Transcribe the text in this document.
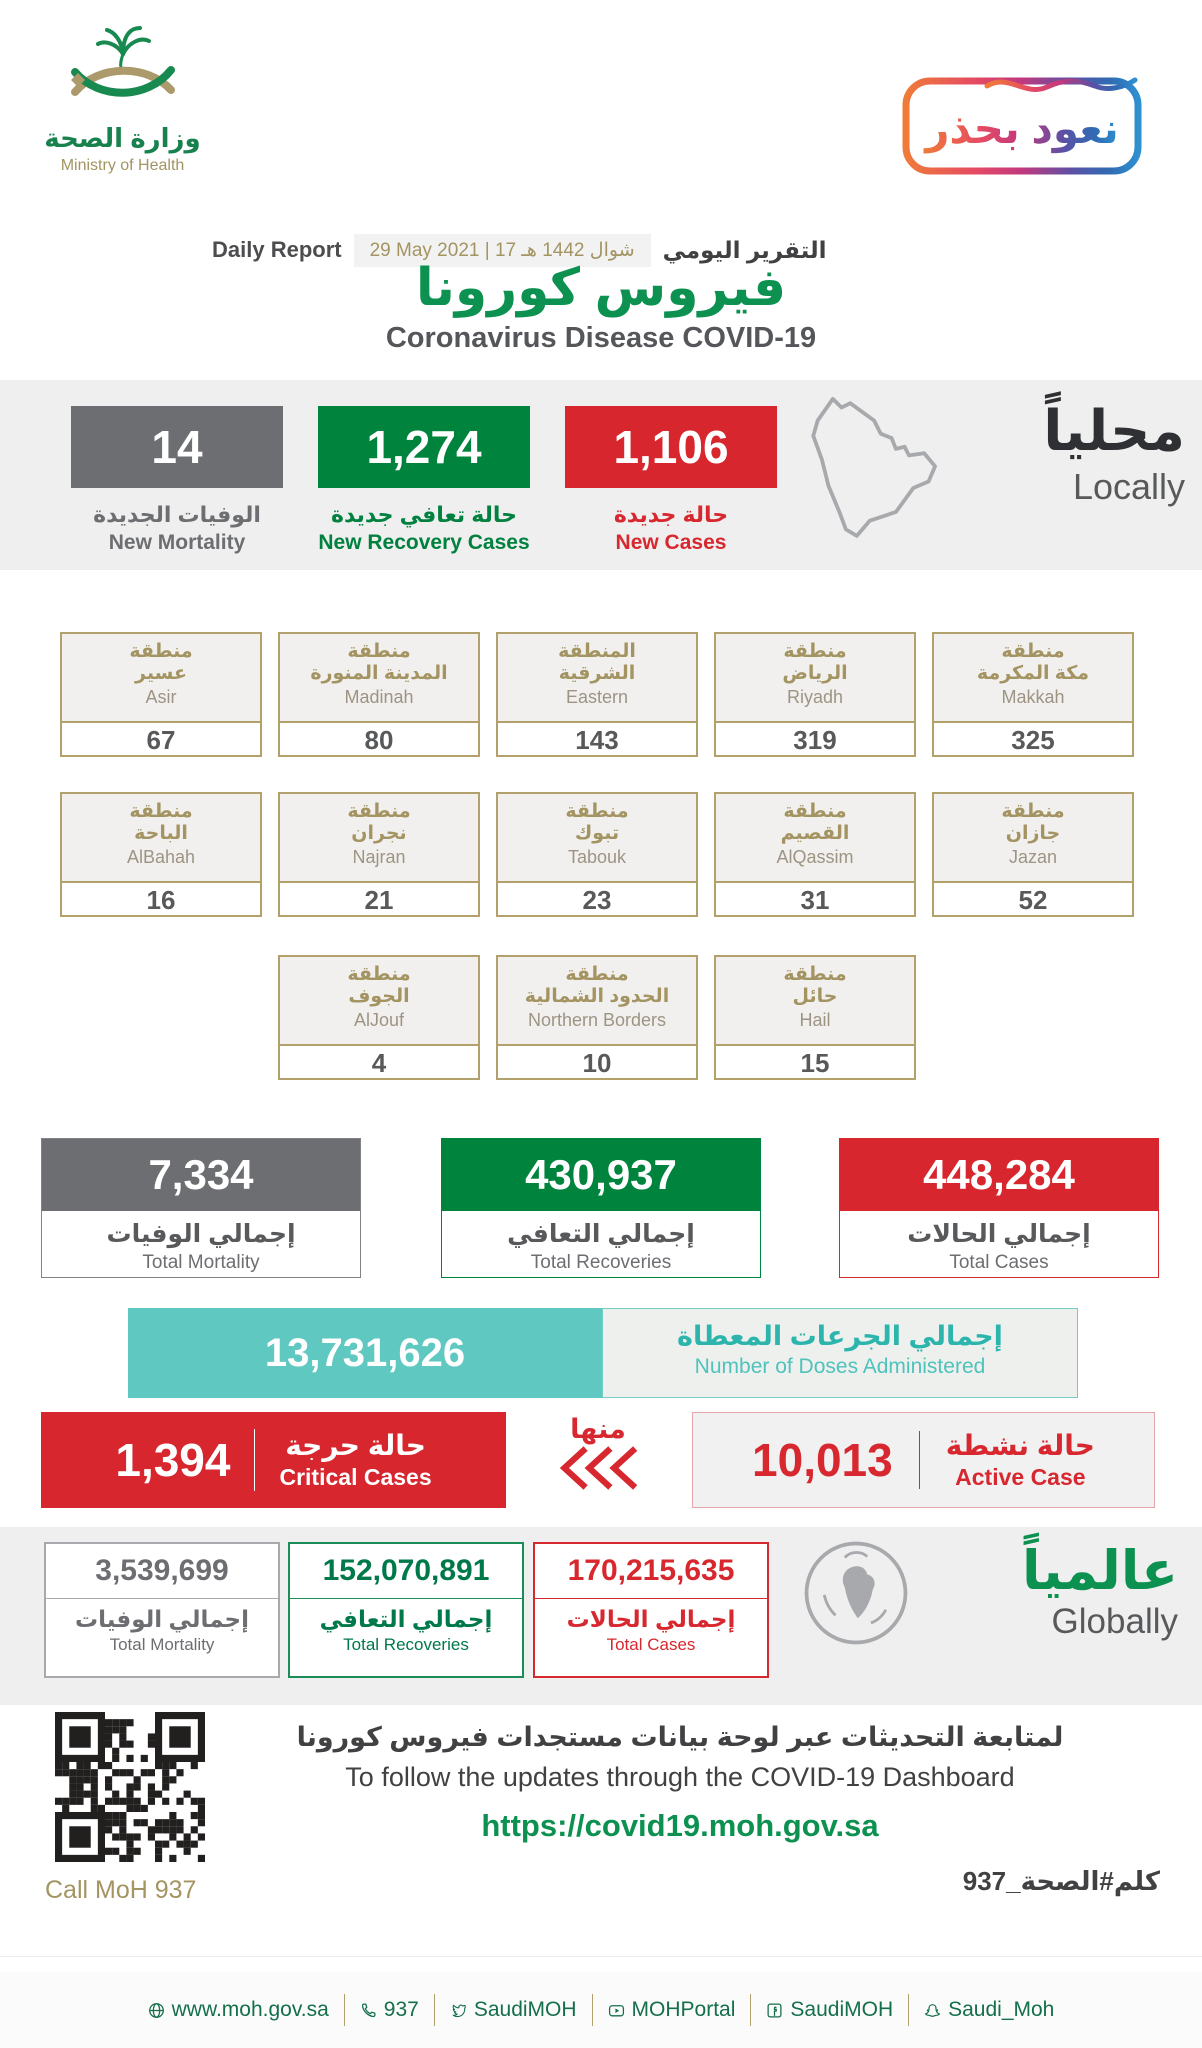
وزارة الصحة
Ministry of Health
نعود بحذر
Daily Report	29 May 2021 | 17 شوال 1442 هـ	التقرير اليومي
فيروس كورونا
Coronavirus Disease COVID-19
14
الوفيات الجديدة
New Mortality
1,274
حالة تعافي جديدة
New Recovery Cases
1,106
حالة جديدة
New Cases
محلياً
Locally
منطقة
عسير
Asir
67
منطقة
المدينة المنورة
Madinah
80
المنطقة
الشرقية
Eastern
143
منطقة
الرياض
Riyadh
319
منطقة
مكة المكرمة
Makkah
325
منطقة
الباحة
AlBahah
16
منطقة
نجران
Najran
21
منطقة
تبوك
Tabouk
23
منطقة
القصيم
AlQassim
31
منطقة
جازان
Jazan
52
منطقة
الجوف
AlJouf
4
منطقة
الحدود الشمالية
Northern Borders
10
منطقة
حائل
Hail
15
7,334
إجمالي الوفيات
Total Mortality
430,937
إجمالي التعافي
Total Recoveries
448,284
إجمالي الحالات
Total Cases
13,731,626	إجمالي الجرعات المعطاة
Number of Doses Administered
1,394 حالة حرجة
Critical Cases
منها
10,013 حالة نشطة
Active Case
3,539,699
إجمالي الوفيات
Total Mortality
152,070,891
إجمالي التعافي
Total Recoveries
170,215,635
إجمالي الحالات
Total Cases
عالمياً
Globally
لمتابعة التحديثات عبر لوحة بيانات مستجدات فيروس كورونا
To follow the updates through the COVID-19 Dashboard
https://covid19.moh.gov.sa
Call MoH 937	كلم#الصحة_937
www.moh.gov.sa	937	SaudiMOH	MOHPortal	SaudiMOH	Saudi_Moh
